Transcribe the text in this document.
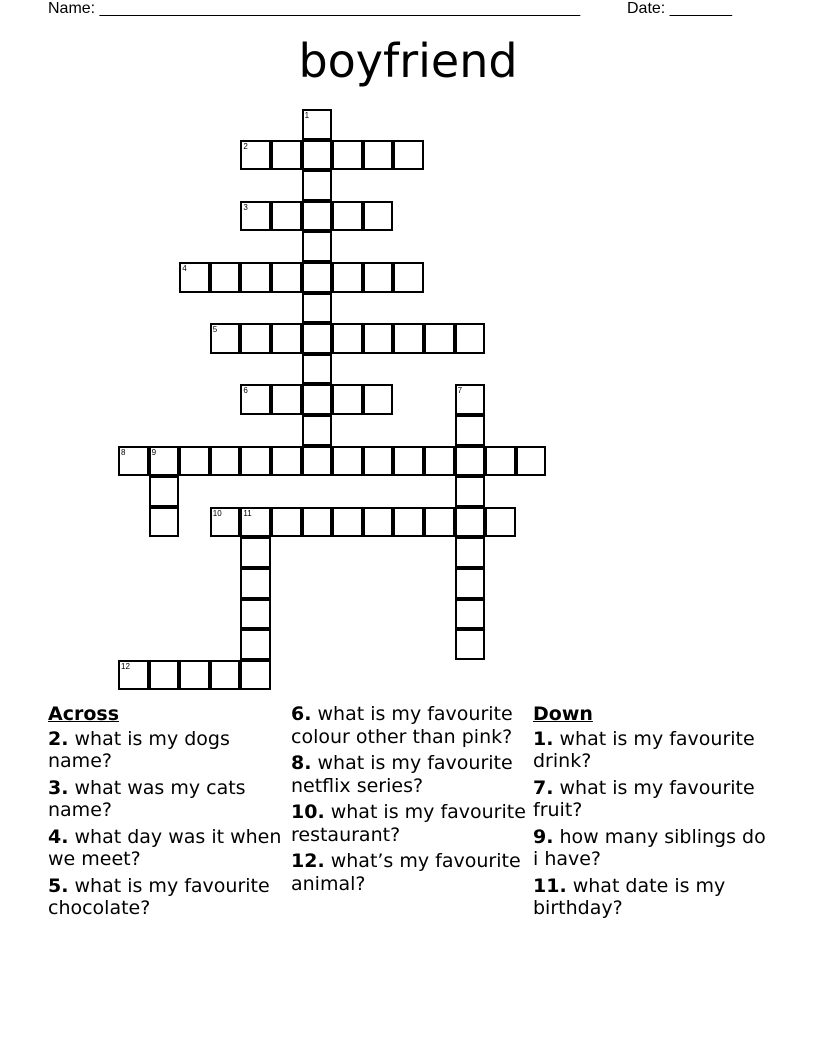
Name: ______________________________________________________	Date: _______
boyfriend
1
2
3
4
5
6	7
8	9
10	11
12
Across
2. what is my dogs name?
3. what was my cats name?
4. what day was it when we meet?
5. what is my favourite chocolate?
6. what is my favourite colour other than pink?
8. what is my favourite netflix series?
10. what is my favourite restaurant?
12. what’s my favourite animal?
Down
1. what is my favourite drink?
7. what is my favourite fruit?
9. how many siblings do i have?
11. what date is my birthday?
